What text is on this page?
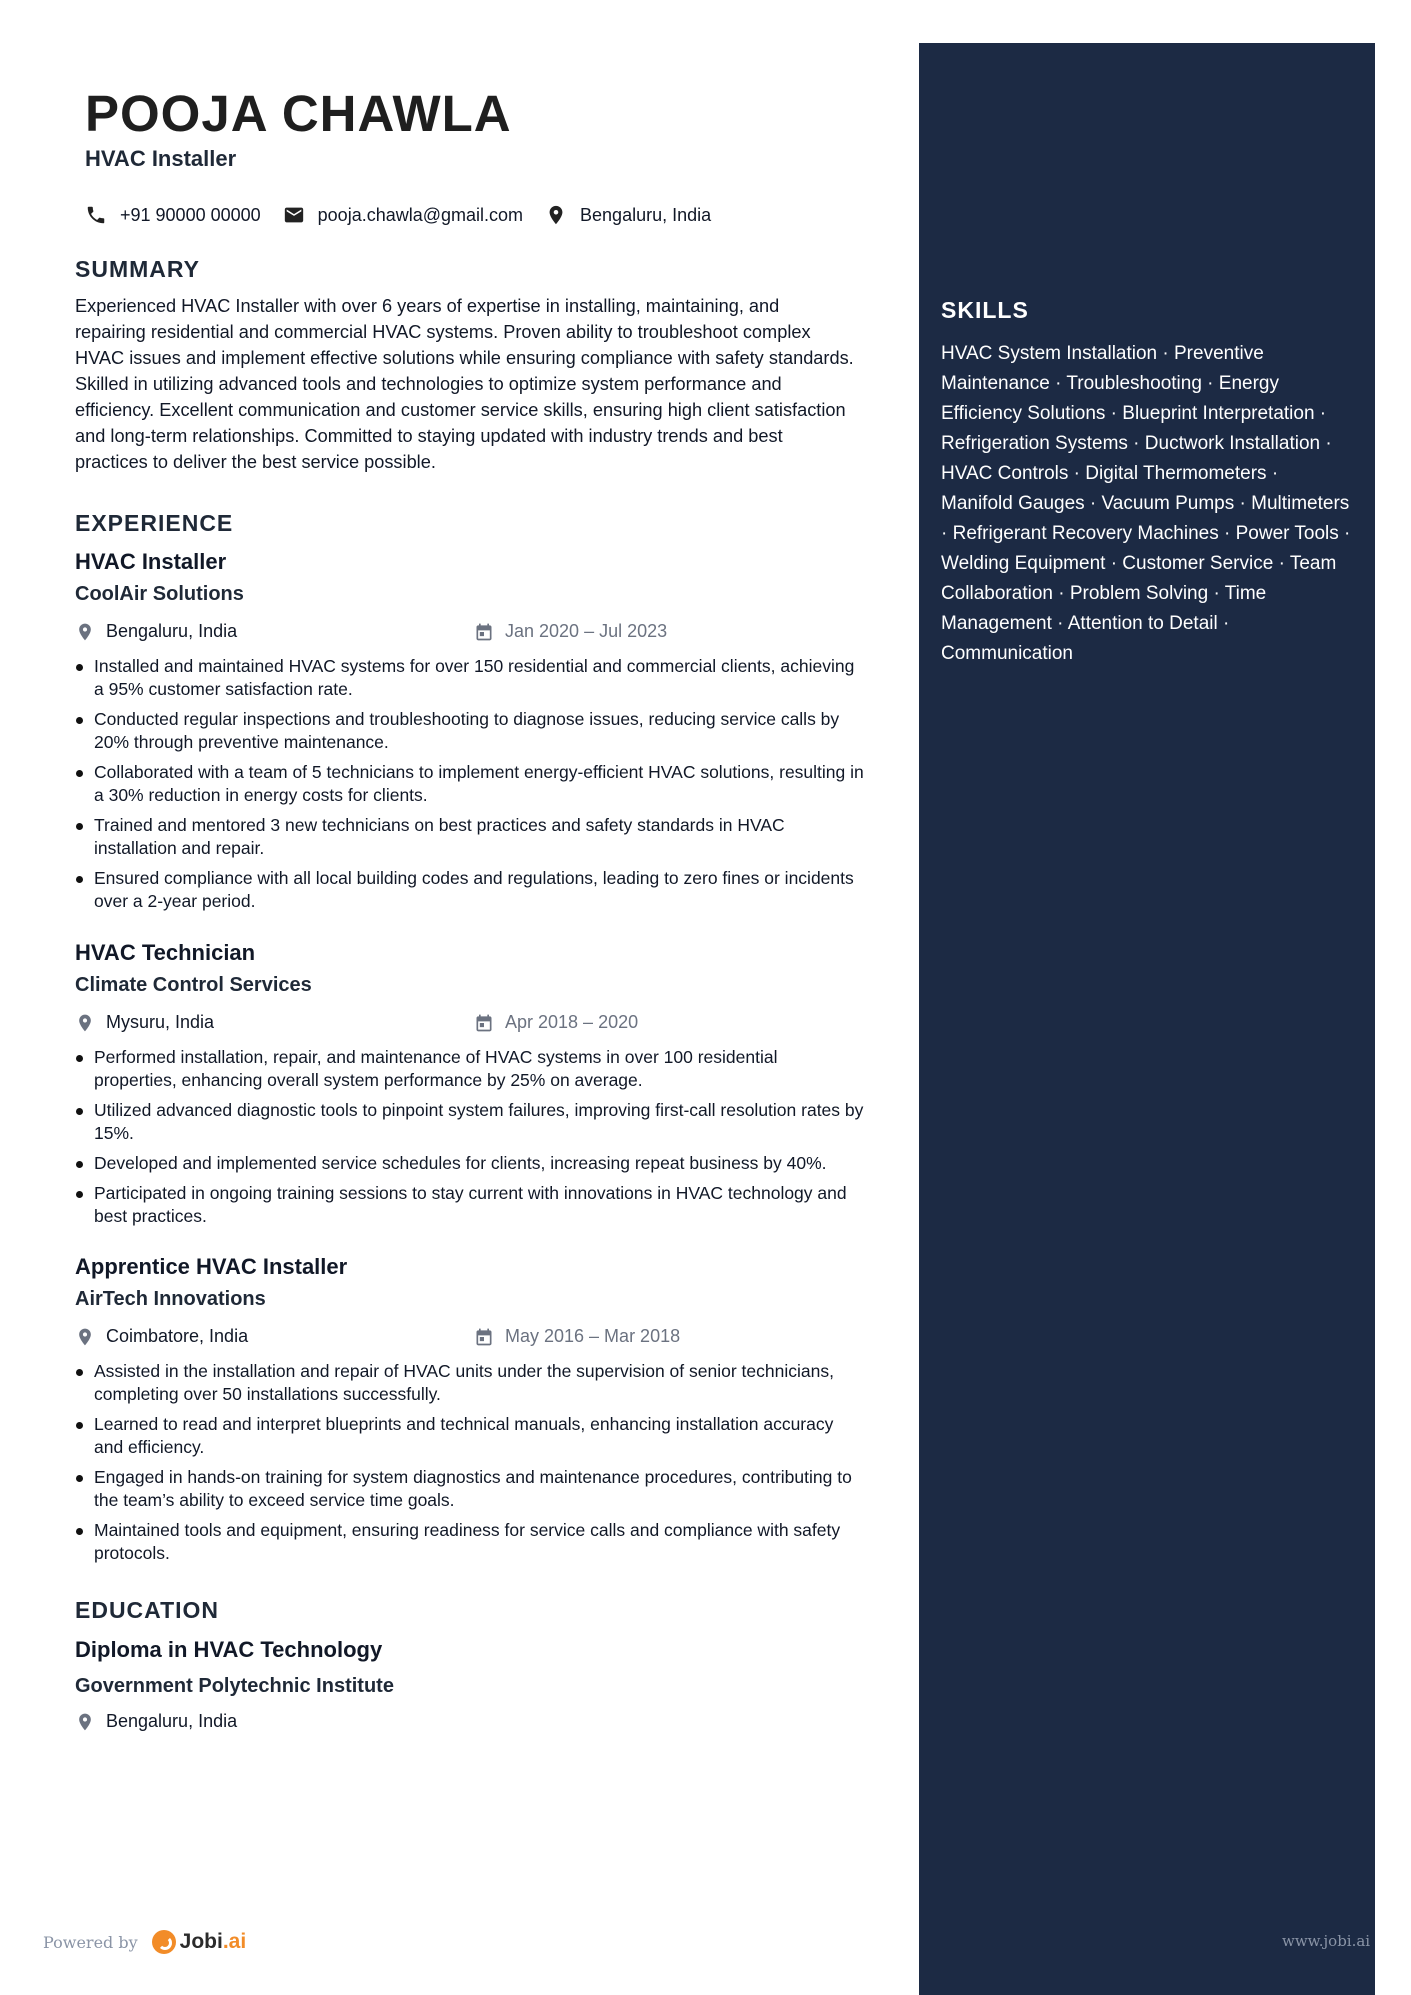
SKILLS
HVAC System Installation · Preventive Maintenance · Troubleshooting · Energy Efficiency Solutions · Blueprint Interpretation · Refrigeration Systems · Ductwork Installation · HVAC Controls · Digital Thermometers · Manifold Gauges · Vacuum Pumps · Multimeters · Refrigerant Recovery Machines · Power Tools · Welding Equipment · Customer Service · Team Collaboration · Problem Solving · Time Management · Attention to Detail · Communication
POOJA CHAWLA
HVAC Installer
+91 90000 00000	pooja.chawla@gmail.com	Bengaluru, India
SUMMARY
Experienced HVAC Installer with over 6 years of expertise in installing, maintaining, and repairing residential and commercial HVAC systems. Proven ability to troubleshoot complex HVAC issues and implement effective solutions while ensuring compliance with safety standards. Skilled in utilizing advanced tools and technologies to optimize system performance and efficiency. Excellent communication and customer service skills, ensuring high client satisfaction and long-term relationships. Committed to staying updated with industry trends and best practices to deliver the best service possible.
EXPERIENCE
HVAC Installer
CoolAir Solutions
Bengaluru, India	Jan 2020 – Jul 2023
Installed and maintained HVAC systems for over 150 residential and commercial clients, achieving a 95% customer satisfaction rate.
Conducted regular inspections and troubleshooting to diagnose issues, reducing service calls by 20% through preventive maintenance.
Collaborated with a team of 5 technicians to implement energy-efficient HVAC solutions, resulting in a 30% reduction in energy costs for clients.
Trained and mentored 3 new technicians on best practices and safety standards in HVAC installation and repair.
Ensured compliance with all local building codes and regulations, leading to zero fines or incidents over a 2-year period.
HVAC Technician
Climate Control Services
Mysuru, India	Apr 2018 – 2020
Performed installation, repair, and maintenance of HVAC systems in over 100 residential properties, enhancing overall system performance by 25% on average.
Utilized advanced diagnostic tools to pinpoint system failures, improving first-call resolution rates by 15%.
Developed and implemented service schedules for clients, increasing repeat business by 40%.
Participated in ongoing training sessions to stay current with innovations in HVAC technology and best practices.
Apprentice HVAC Installer
AirTech Innovations
Coimbatore, India	May 2016 – Mar 2018
Assisted in the installation and repair of HVAC units under the supervision of senior technicians, completing over 50 installations successfully.
Learned to read and interpret blueprints and technical manuals, enhancing installation accuracy and efficiency.
Engaged in hands-on training for system diagnostics and maintenance procedures, contributing to the team’s ability to exceed service time goals.
Maintained tools and equipment, ensuring readiness for service calls and compliance with safety protocols.
EDUCATION
Diploma in HVAC Technology
Government Polytechnic Institute
Bengaluru, India
Powered by Jobi .ai	www.jobi.ai
